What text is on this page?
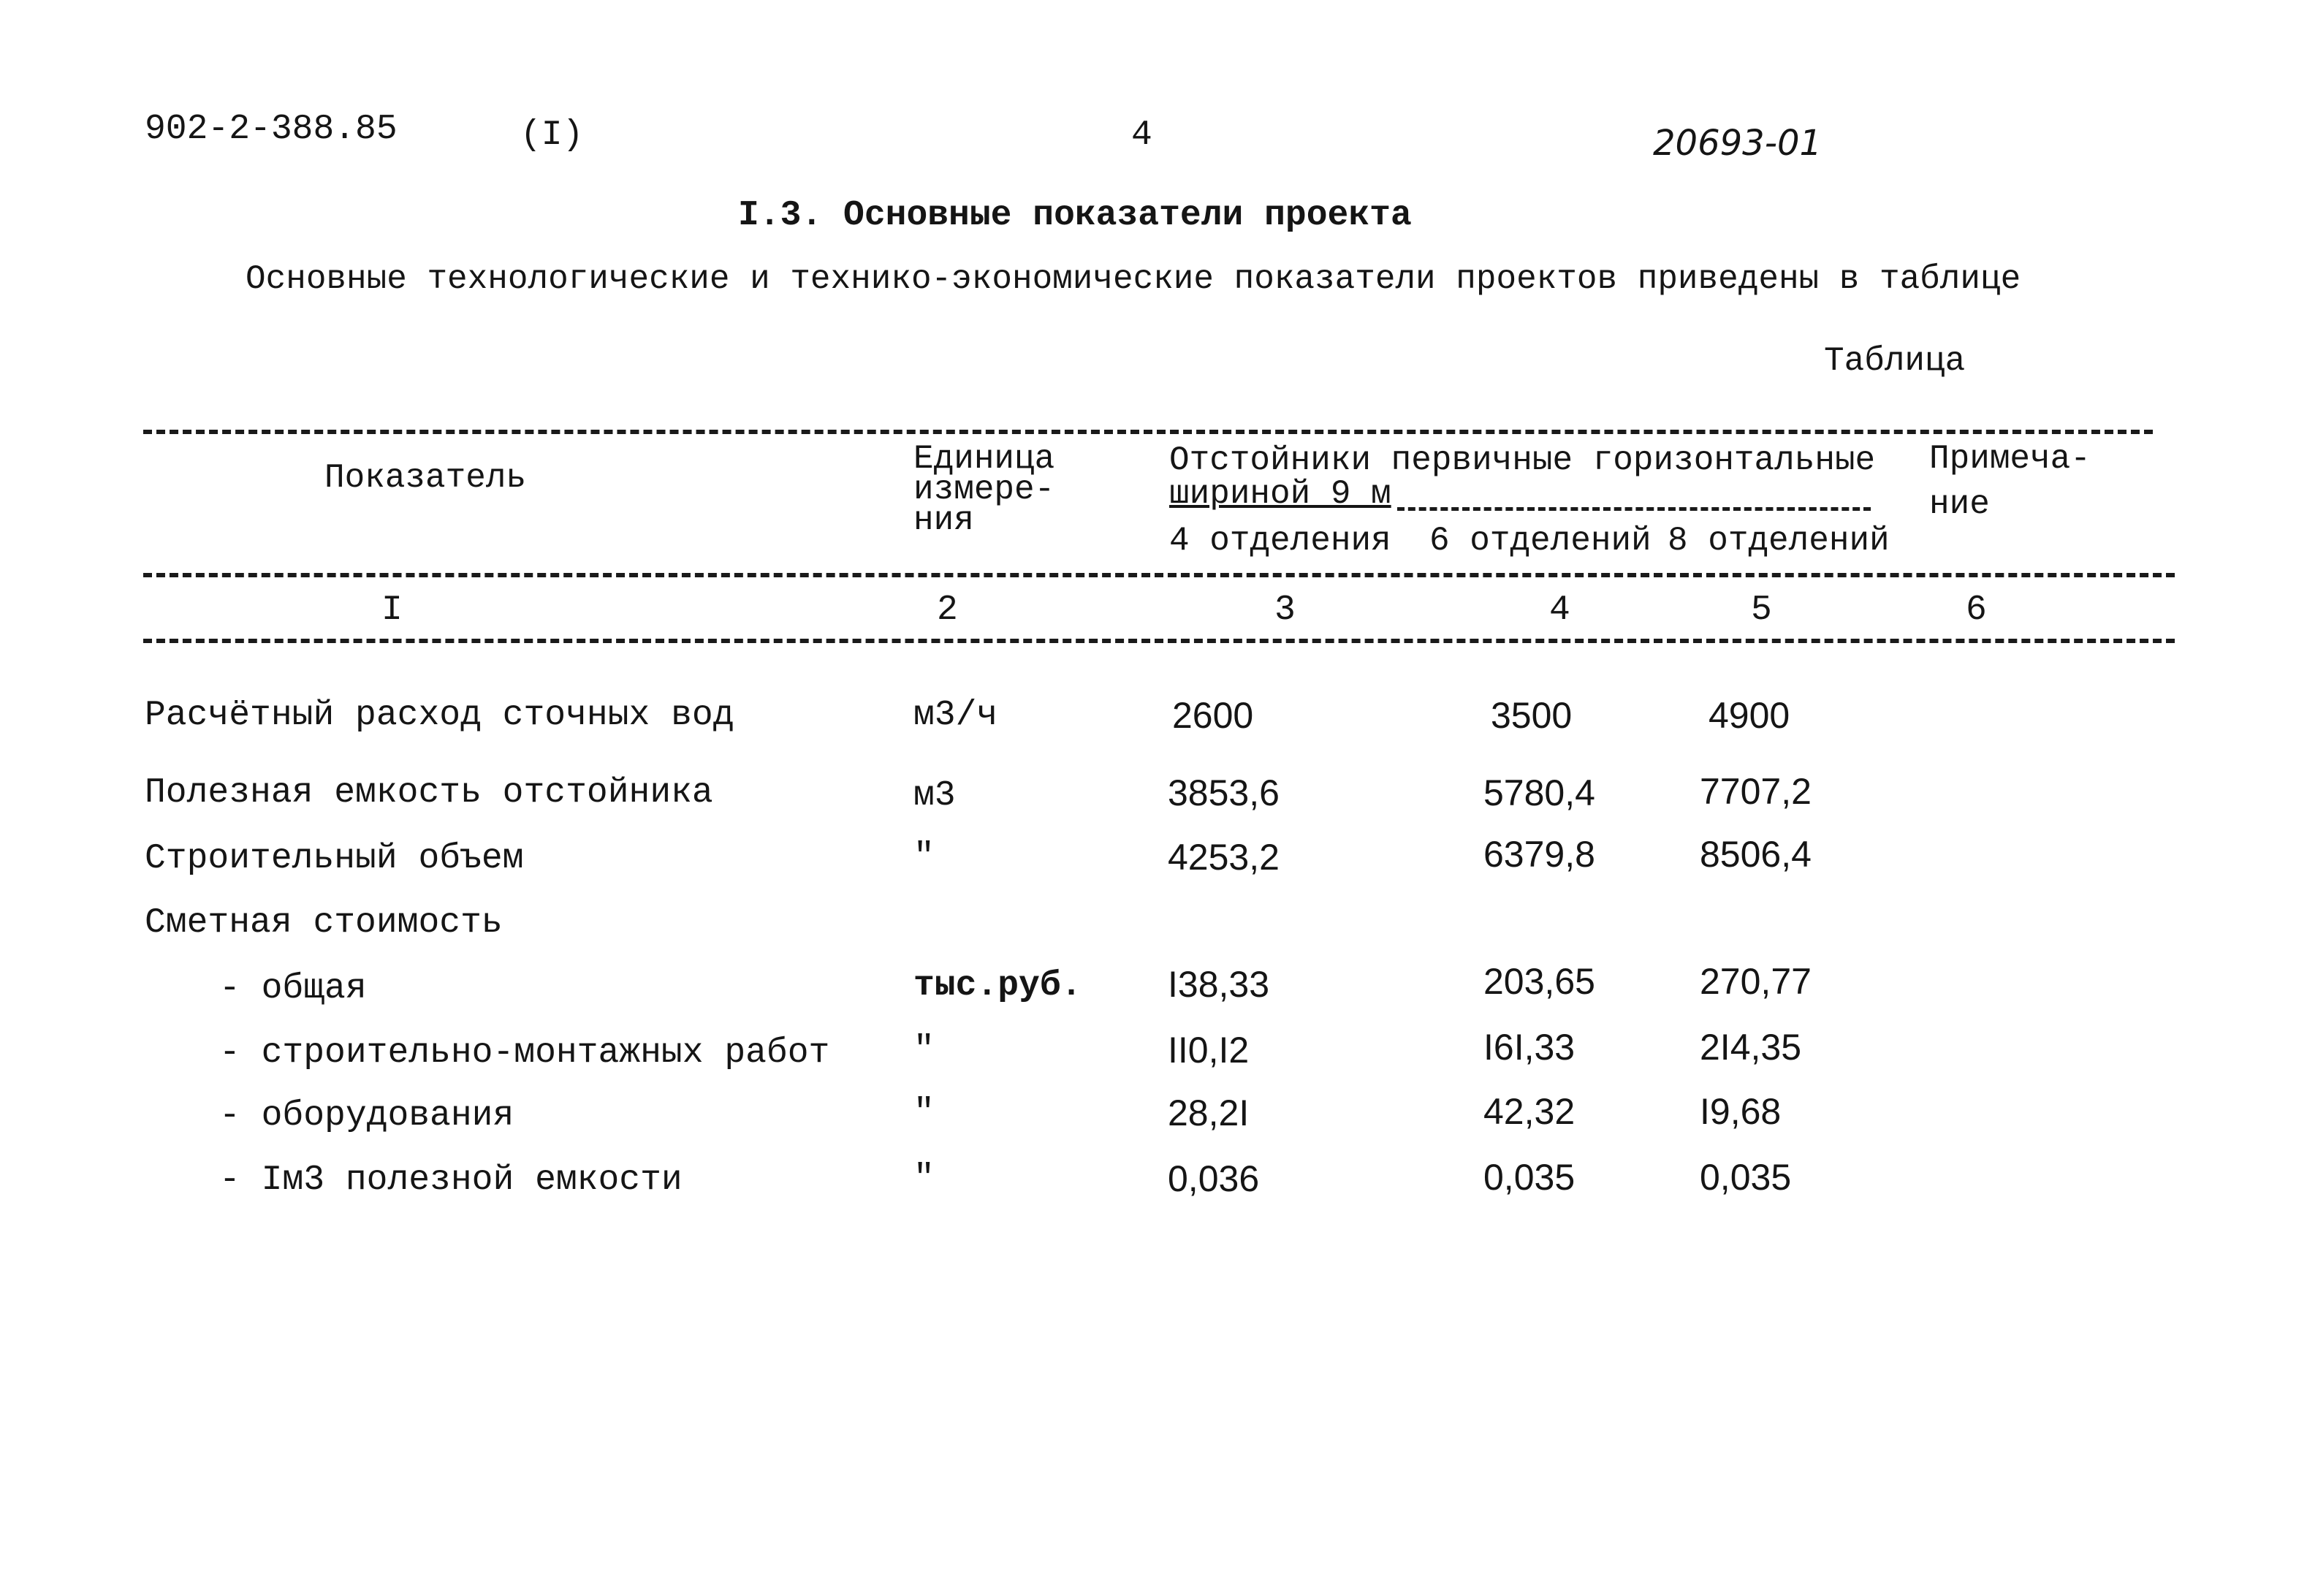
902-2-388.85	(I)	4	20693-01
I.3. Основные показатели проекта
Основные технологические и технико-экономические показатели проектов приведены в таблице
Таблица
Показатель	Единица
измере-
ния
Отстойники первичные горизонтальные
шириной 9 м
4 отделения 6 отделений 8 отделений
Примеча-
ние
I	2	3	4	5	6
Расчётный расход сточных вод	м3/ч	2600	3500	4900
Полезная емкость отстойника	м3	3853,6	5780,4	7707,2
Строительный объем	"	4253,2	6379,8	8506,4
Сметная стоимость
- общая	тыс.руб. I38,33	203,65	270,77
- строительно-монтажных работ "	II0,I2	I6I,33	2I4,35
- оборудования	"	28,2I	42,32	I9,68
- Iм3 полезной емкости	"	0,036	0,035	0,035
